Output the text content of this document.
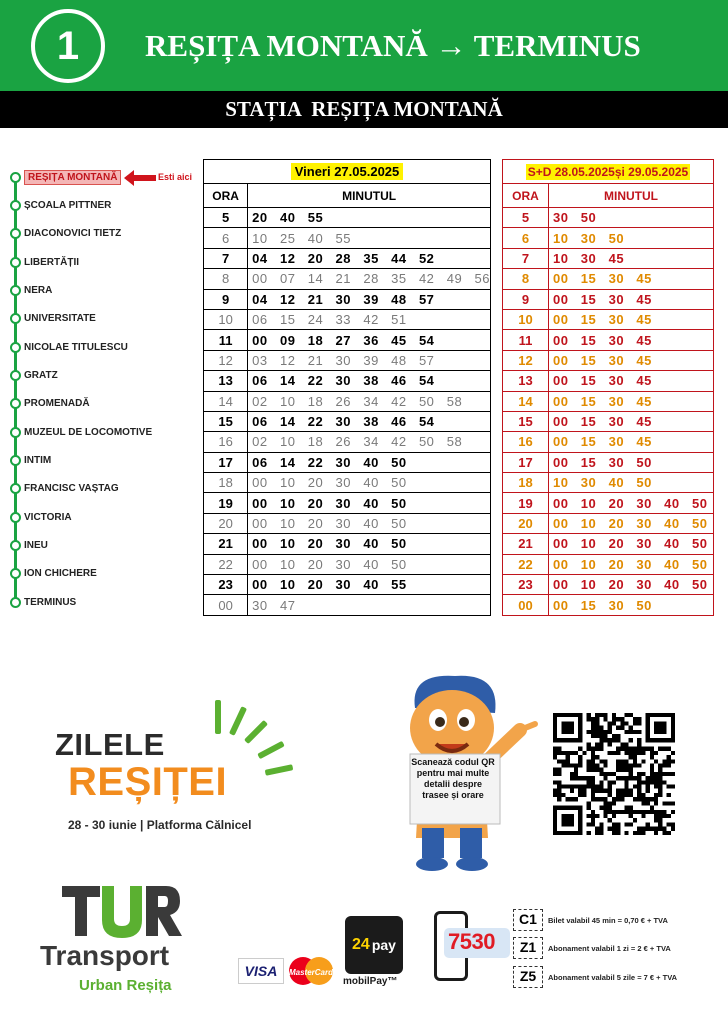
1	REȘIȚA MONTANĂ → TERMINUS
STAȚIA  REȘIȚA MONTANĂ
REȘIȚA MONTANĂ
ȘCOALA PITTNER
DIACONOVICI TIETZ
LIBERTĂȚII
NERA
UNIVERSITATE
NICOLAE TITULESCU
GRATZ
PROMENADĂ
MUZEUL DE LOCOMOTIVE
INTIM
FRANCISC VAȘTAG
VICTORIA
INEU
ION CHICHERE
TERMINUS
Esti aici	Vineri 27.05.2025	
ORA	MINUTUL
5	20   40   55
6	10   25   40   55
7	04   12   20   28   35   44   52
8	00   07   14   21   28   35   42   49   56
9	04   12   21   30   39   48   57
10	06   15   24   33   42   51
11	00   09   18   27   36   45   54
12	03   12   21   30   39   48   57
13	06   14   22   30   38   46   54
14	02   10   18   26   34   42   50   58
15	06   14   22   30   38   46   54
16	02   10   18   26   34   42   50   58
17	06   14   22   30   40   50
18	00   10   20   30   40   50
19	00   10   20   30   40   50
20	00   10   20   30   40   50
21	00   10   20   30   40   50
22	00   10   20   30   40   50
23	00   10   20   30   40   55
00	30   47
S+D 28.05.2025și 29.05.2025	
ORA	MINUTUL
5	30   50
6	10   30   50
7	10   30   45
8	00   15   30   45
9	00   15   30   45
10	00   15   30   45
11	00   15   30   45
12	00   15   30   45
13	00   15   30   45
14	00   15   30   45
15	00   15   30   45
16	00   15   30   45
17	00   15   30   50
18	10   30   40   50
19	00   10   20   30   40   50
20	00   10   20   30   40   50
21	00   10   20   30   40   50
22	00   10   20   30   40   50
23	00   10   20   30   40   50
00	00   15   30   50
ZILELE
REȘIȚEI
28 - 30 iunie | Platforma Călnicel
Scanează codul QR pentru mai multe detalii despre trasee și orare
Transport
Urban Reșița
VISA	MasterCard
24 pay
mobilPay™
7530
C1	Bilet valabil 45 min = 0,70 € + TVA
Z1	Abonament valabil 1 zi = 2 € + TVA
Z5	Abonament valabil 5 zile = 7 € + TVA
